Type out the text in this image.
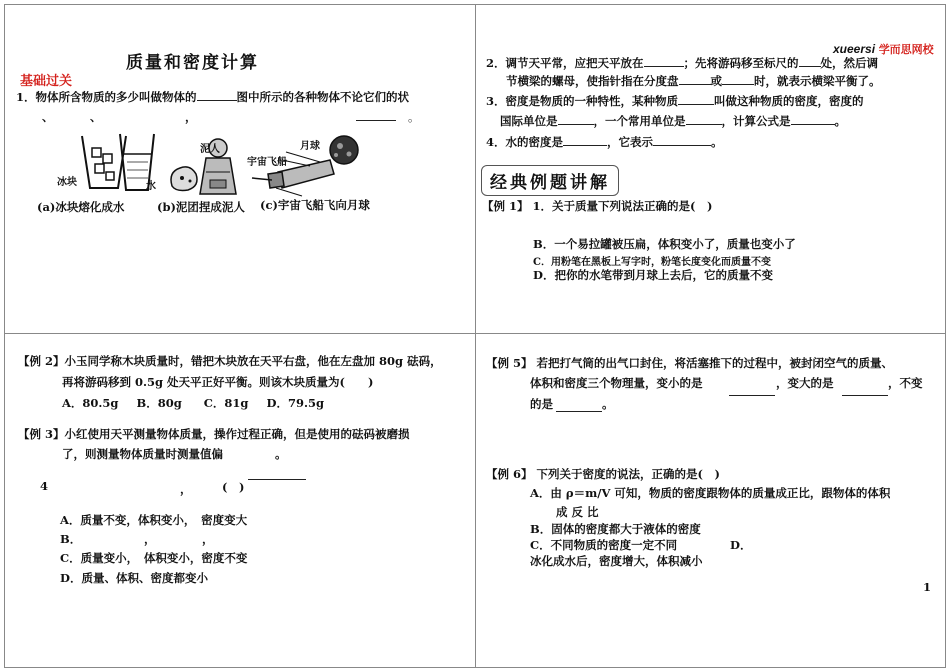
质量和密度计算
基础过关
1．物体所含物质的多少叫做物体的	图中所示的各种物体不论它们的状
、	、	，	。
冰块	水
泥人
宇宙飞船
月球
(a)冰块熔化成水	(b)泥团捏成泥人 (c)宇宙飞船飞向月球
xueersi 学而思网校
2．调节天平常，应把天平放在	；先将游码移至标尺的 处，然后调
节横梁的螺母，使指针指在分度盘	或	时，就表示横梁平衡了。
3．密度是物质的一种特性，某种物质	叫做这种物质的密度，密度的
国际单位是	，一个常用单位是	，计算公式是	。
4．水的密度是	，它表示	。
经典例题讲解
【例 1】 1．关于质量下列说法正确的是(　)
B．一个易拉罐被压扁，体积变小了，质量也变小了
C．用粉笔在黑板上写字时，粉笔长度变化而质量不变
D．把你的水笔带到月球上去后，它的质量不变
【例 2】小玉同学称木块质量时，错把木块放在天平右盘，他在左盘加 80g 砝码，
再将游码移到 0.5g 处天平正好平衡。则该木块质量为(　　)
A．80.5g B．80g C．81g D．79.5g
【例 3】小红使用天平测量物体质量，操作过程正确，但是使用的砝码被磨损
了，则测量物体质量时测量值偏	。
4	，	(　)
A．质量不变，体积变小，　密度变大
B．	，	，
C．质量变小，　体积变小，密度不变
D．质量、体积、密度都变小
【例 5】 若把打气筒的出气口封住，将活塞推下的过程中，被封闭空气的质量、
体积和密度三个物理量，变小的是	，变大的是	，不变
的是	。
【例 6】 下列关于密度的说法，正确的是(　)
A．由 ρ＝m/V 可知，物质的密度跟物体的质量成正比，跟物体的体积
成 反 比
B．固体的密度都大于液体的密度
C．不同物质的密度一定不同	D．
冰化成水后，密度增大，体积减小
1
